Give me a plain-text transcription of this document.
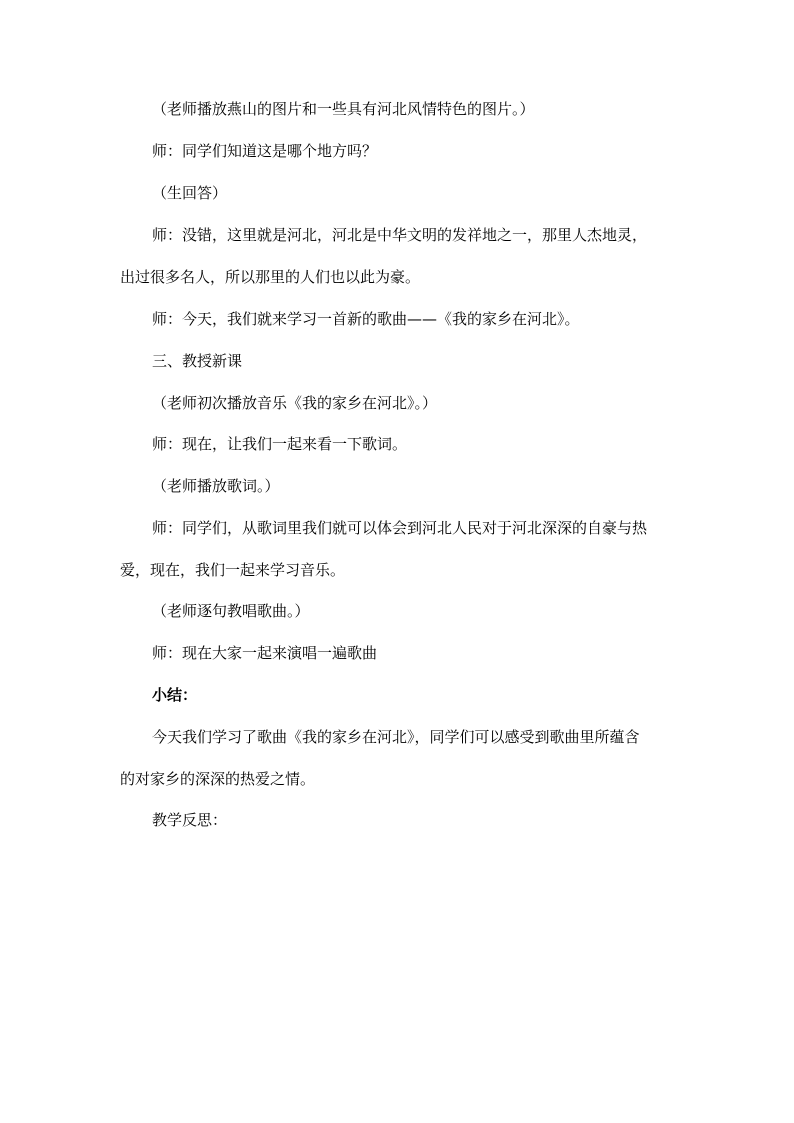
（老师播放燕山的图片和一些具有河北风情特色的图片。）

师：同学们知道这是哪个地方吗？

（生回答）

师：没错，这里就是河北，河北是中华文明的发祥地之一，那里人杰地灵，

出过很多名人，所以那里的人们也以此为豪。

师：今天，我们就来学习一首新的歌曲——《我的家乡在河北》。

三、教授新课

（老师初次播放音乐《我的家乡在河北》。）

师：现在，让我们一起来看一下歌词。

（老师播放歌词。）

师：同学们，从歌词里我们就可以体会到河北人民对于河北深深的自豪与热

爱，现在，我们一起来学习音乐。

（老师逐句教唱歌曲。）

师：现在大家一起来演唱一遍歌曲

小结：

今天我们学习了歌曲《我的家乡在河北》，同学们可以感受到歌曲里所蕴含

的对家乡的深深的热爱之情。

教学反思：
